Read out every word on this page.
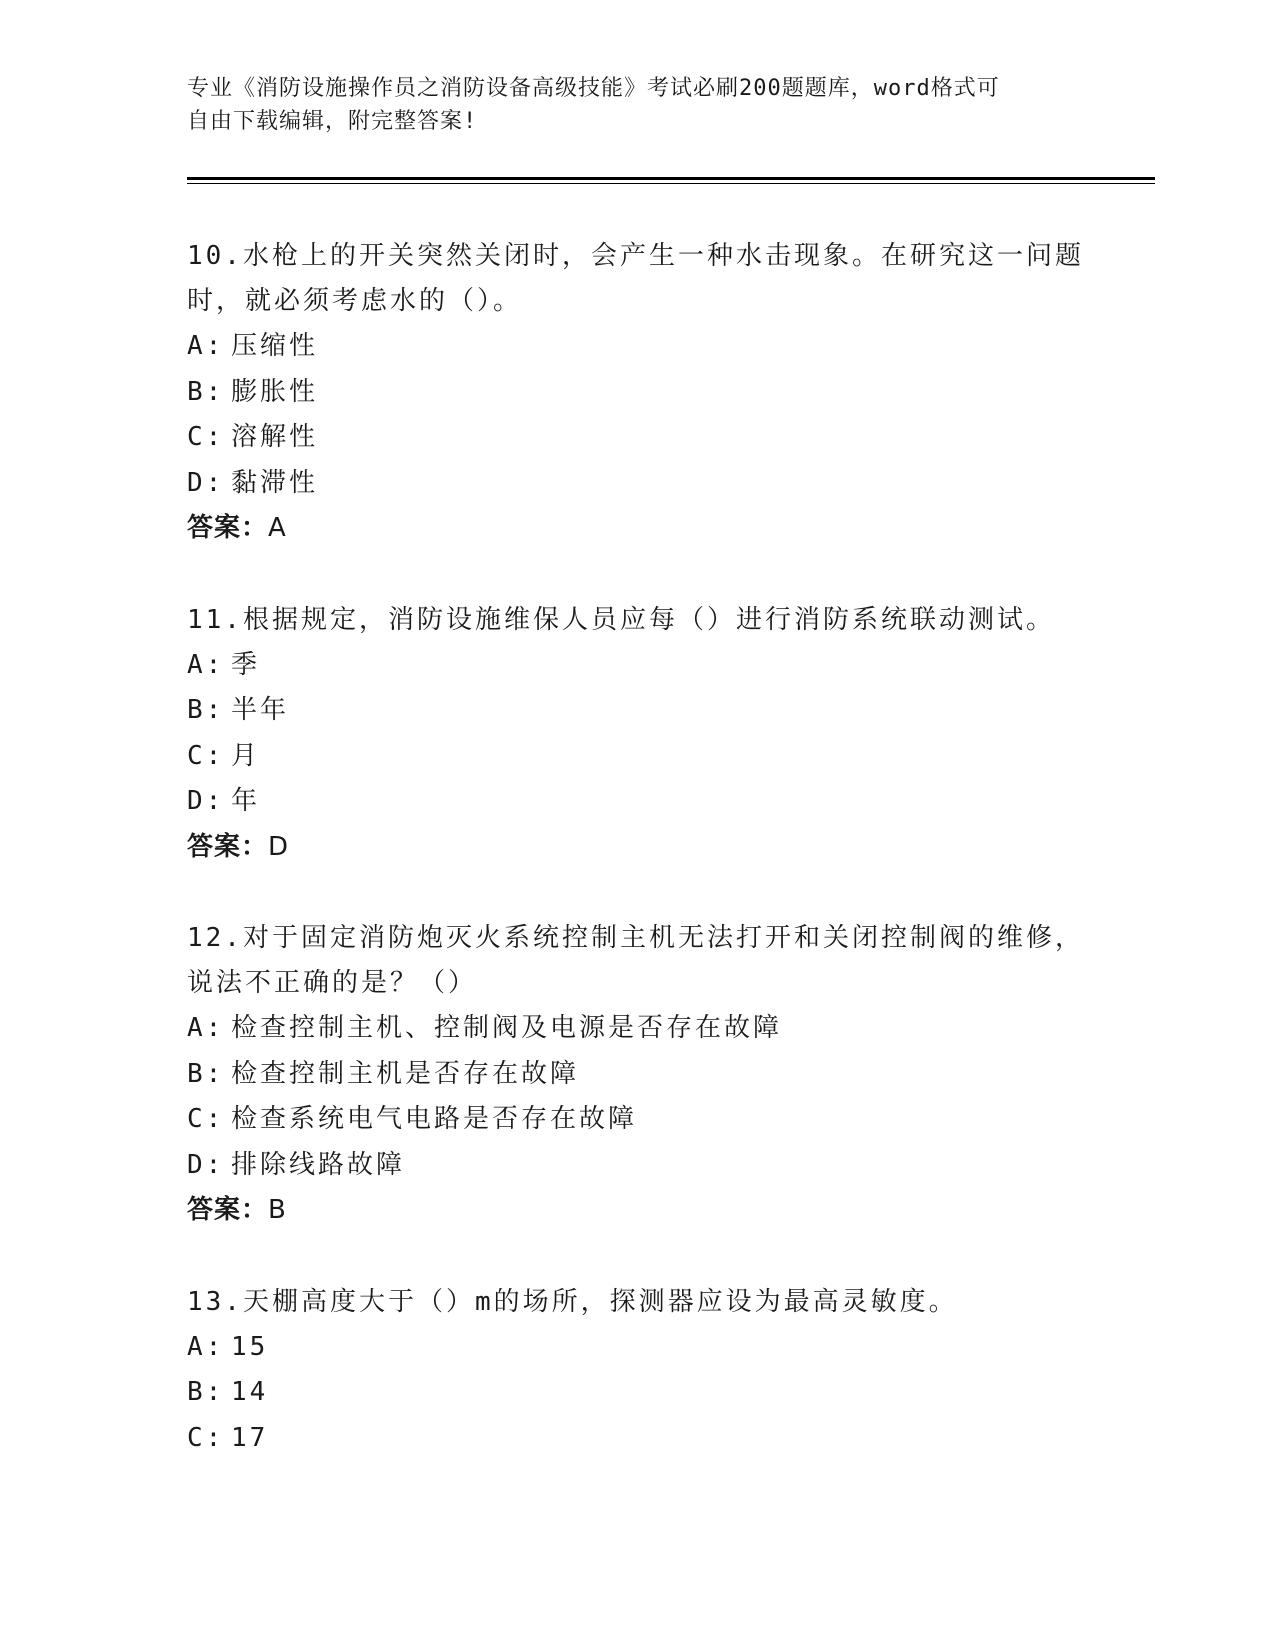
专业《消防设施操作员之消防设备高级技能》考试必刷200题题库，word格式可
自由下载编辑，附完整答案!
10.水枪上的开关突然关闭时，会产生一种水击现象。在研究这一问题时，就必须考虑水的（）。
A: 压缩性
B: 膨胀性
C: 溶解性
D: 黏滞性
答案：A
11.根据规定，消防设施维保人员应每（）进行消防系统联动测试。
A: 季
B: 半年
C: 月
D: 年
答案：D
12.对于固定消防炮灭火系统控制主机无法打开和关闭控制阀的维修，说法不正确的是？（）
A: 检查控制主机、控制阀及电源是否存在故障
B: 检查控制主机是否存在故障
C: 检查系统电气电路是否存在故障
D: 排除线路故障
答案：B
13.天棚高度大于（）m的场所，探测器应设为最高灵敏度。
A: 15
B: 14
C: 17
